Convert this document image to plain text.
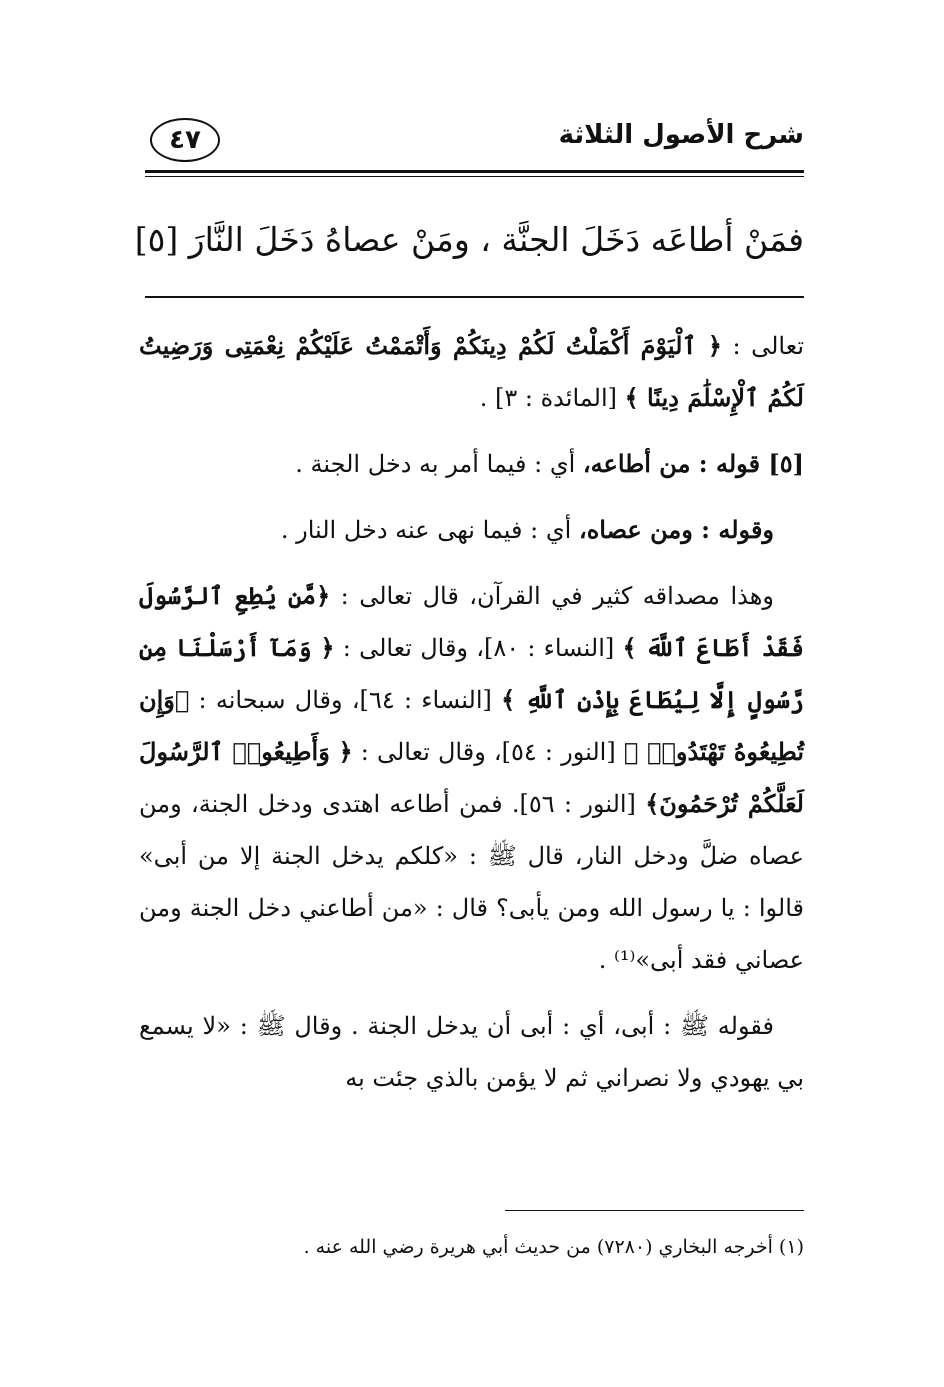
شرح الأصول الثلاثة
٤٧
فمَنْ أطاعَه دَخَلَ الجنَّة ، ومَنْ عصاهُ دَخَلَ النَّارَ [٥]

تعالى : ﴿ ٱلْيَوْمَ أَكْمَلْتُ لَكُمْ دِينَكُمْ وَأَتْمَمْتُ عَلَيْكُمْ نِعْمَتِى وَرَضِيتُ لَكُمُ ٱلْإِسْلَٰمَ دِينًا ﴾ [المائدة : ٣] .

[٥] قوله : من أطاعه، أي : فيما أمر به دخل الجنة .

وقوله : ومن عصاه، أي : فيما نهى عنه دخل النار .

وهذا مصداقه كثير في القرآن، قال تعالى : ﴿مَّن يُطِعِ ٱلرَّسُولَ فَقَدْ أَطَاعَ ٱللَّهَ ﴾ [النساء : ٨٠]، وقال تعالى : ﴿ وَمَآ أَرْسَلْنَا مِن رَّسُولٍ إِلَّا لِيُطَاعَ بِإِذْنِ ٱللَّهِ ﴾ [النساء : ٦٤]، وقال سبحانه : ﴿وَإِن تُطِيعُوهُ تَهْتَدُوا۟ ﴾ [النور : ٥٤]، وقال تعالى : ﴿ وَأَطِيعُوا۟ ٱلرَّسُولَ لَعَلَّكُمْ تُرْحَمُونَ﴾ [النور : ٥٦]. فمن أطاعه اهتدى ودخل الجنة، ومن عصاه ضلَّ ودخل النار، قال ﷺ : «كلكم يدخل الجنة إلا من أبى» قالوا : يا رسول الله ومن يأبى؟ قال : «من أطاعني دخل الجنة ومن عصاني فقد أبى»⁽¹⁾ .

فقوله ﷺ : أبى، أي : أبى أن يدخل الجنة . وقال ﷺ : «لا يسمع بي يهودي ولا نصراني ثم لا يؤمن بالذي جئت به

(١) أخرجه البخاري (٧٢٨٠) من حديث أبي هريرة رضي الله عنه .
